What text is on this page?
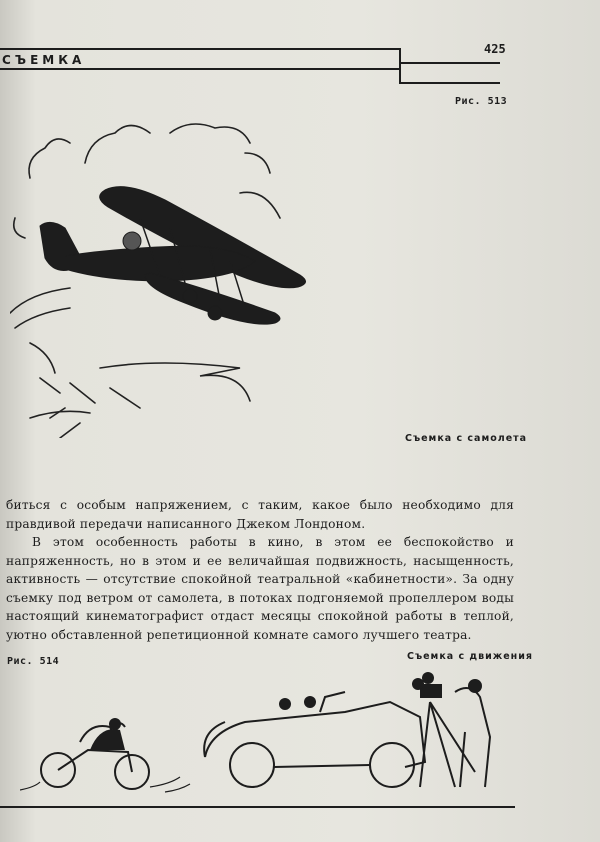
СЪЕМКА
425
Рис. 513
Съемка с самолета

биться с особым напряжением, с таким, какое было необходимо для правдивой передачи написанного Джеком Лондоном.

В этом особенность работы в кино, в этом ее беспокойство и напряженность, но в этом и ее величайшая подвижность, насыщенность, активность — отсутствие спокойной театральной «кабинетности». За одну съемку под ветром от самолета, в потоках подгоняемой пропеллером воды настоящий кинематографист отдаст месяцы спокойной работы в теплой, уютно обставленной репетиционной комнате самого лучшего театра.

Рис. 514	Съемка с движения
